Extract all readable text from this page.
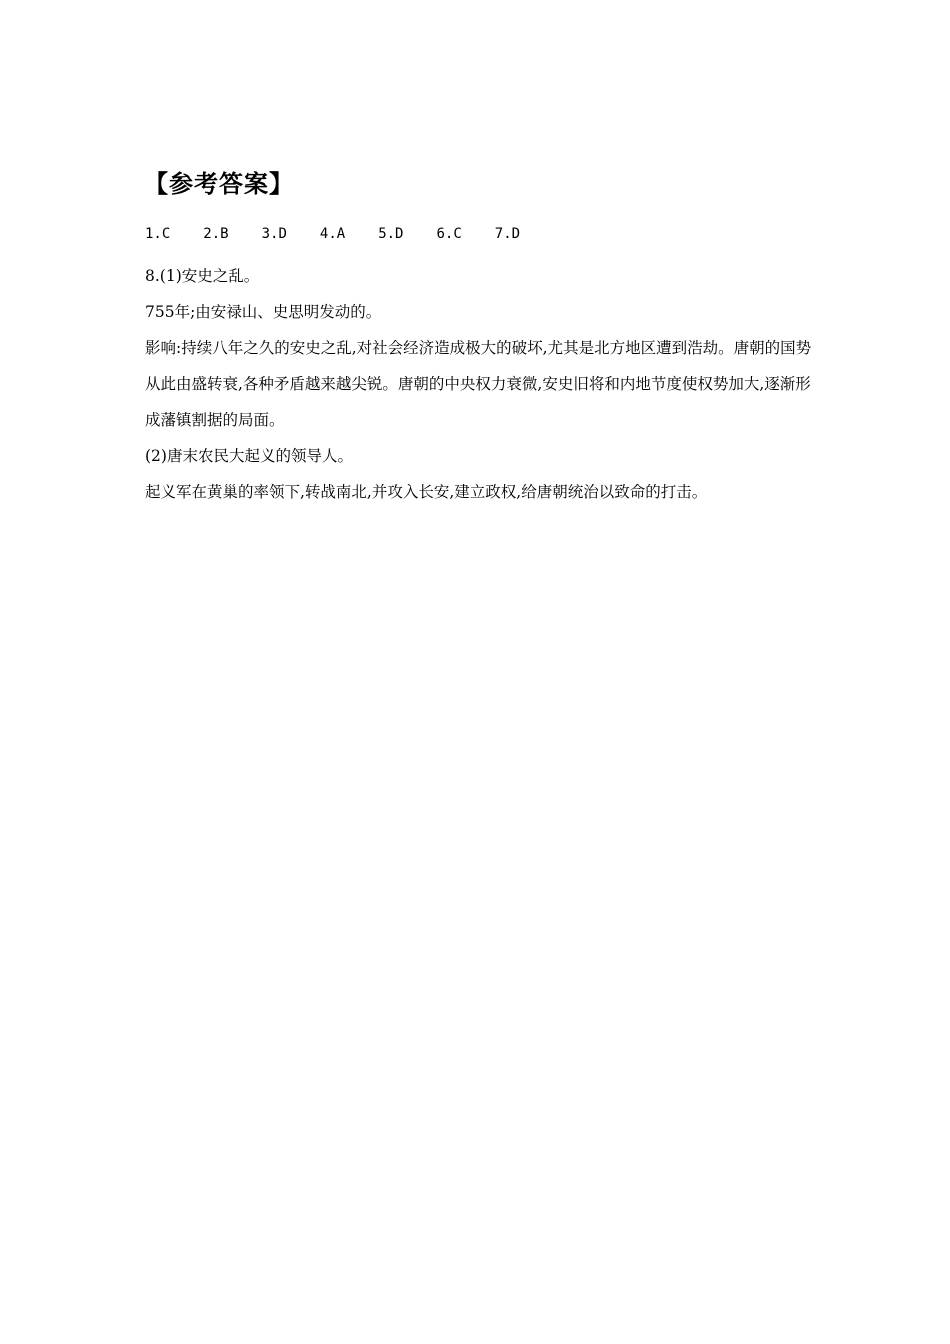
【参考答案】
1.C 2.B 3.D 4.A 5.D 6.C 7.D

8.(1)安史之乱。

755年;由安禄山、史思明发动的。

影响:持续八年之久的安史之乱,对社会经济造成极大的破坏,尤其是北方地区遭到浩劫。唐朝的国势从此由盛转衰,各种矛盾越来越尖锐。唐朝的中央权力衰微,安史旧将和内地节度使权势加大,逐渐形成藩镇割据的局面。

(2)唐末农民大起义的领导人。

起义军在黄巢的率领下,转战南北,并攻入长安,建立政权,给唐朝统治以致命的打击。
